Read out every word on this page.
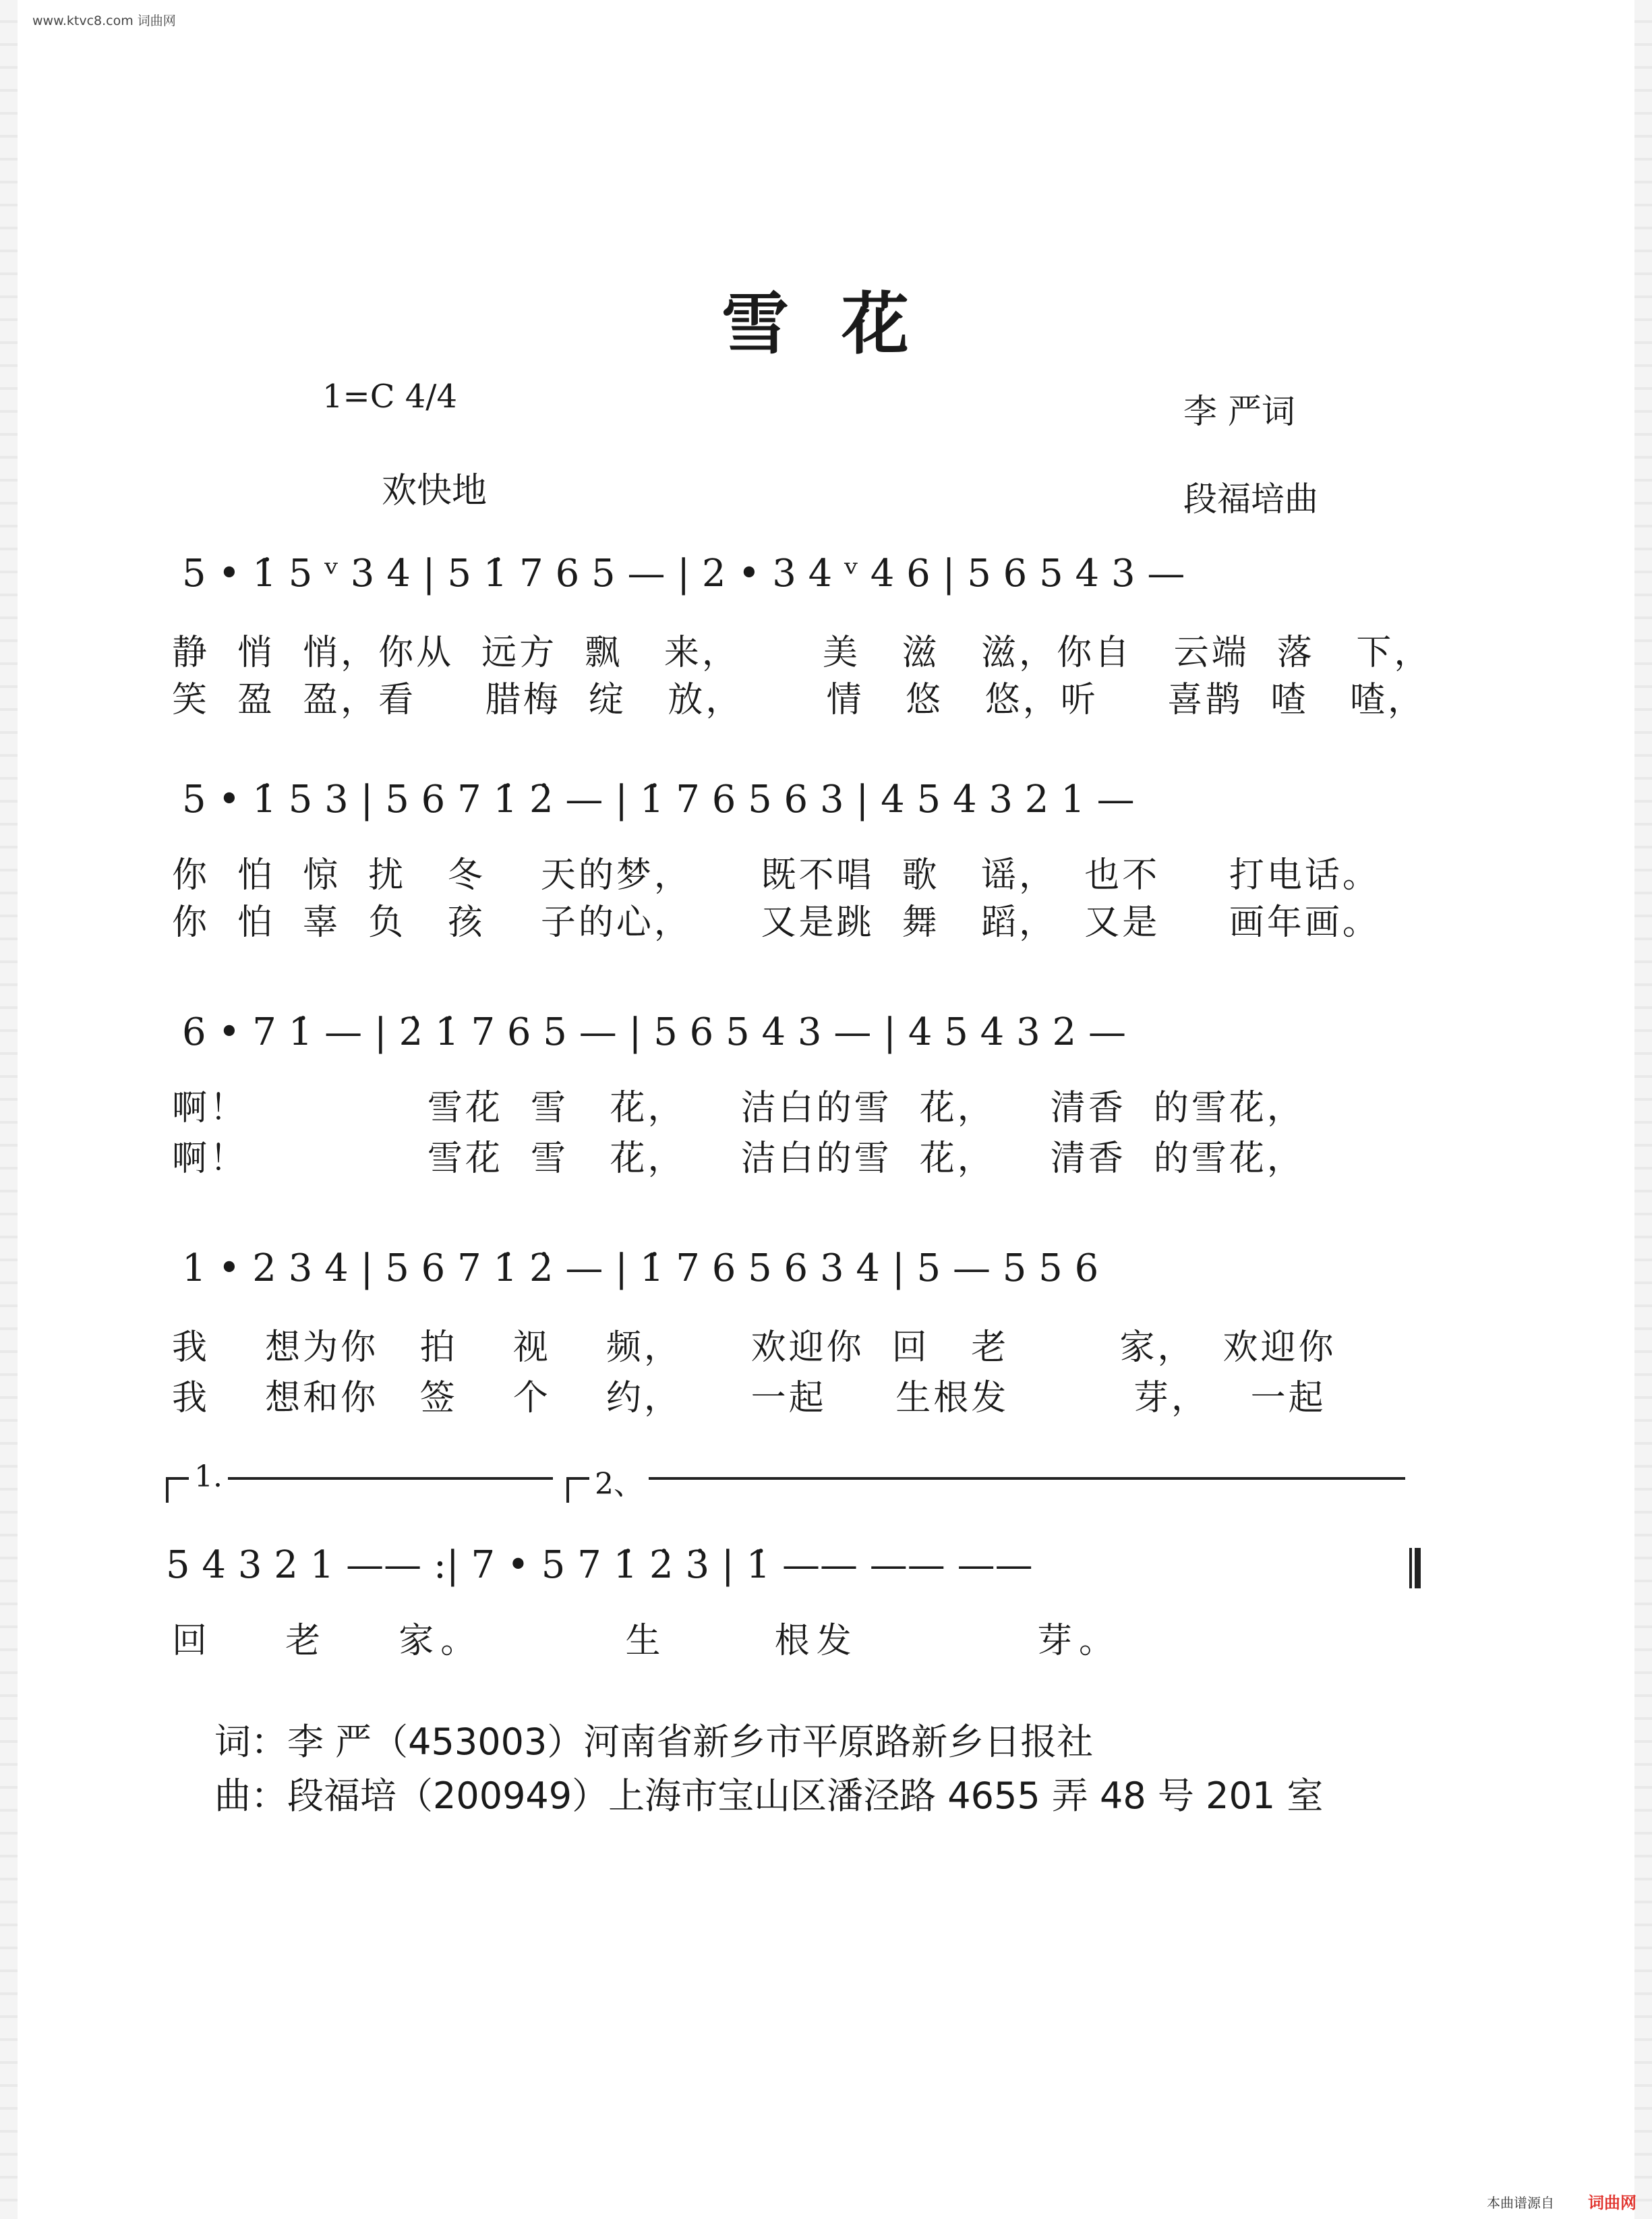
www.ktvc8.com 词曲网
雪花
1=C 4/4	李 严词
段福培曲
欢快地
5 • 1̇ 5 ᵛ 3 4 | 5 1̇ 7 6 5 — | 2 • 3 4 ᵛ 4 6 | 5 6 5 4 3 —
静  悄  悄，你从  远方  飘   来，      美   滋   滋，你自   云端  落   下，
笑  盈  盈，看     腊梅  绽   放，      情   悠   悠，听     喜鹊  喳   喳，
5 • 1̇ 5 3 | 5 6 7 1̇ 2̇ — | 1̇ 7 6 5 6 3 | 4 5 4 3 2 1 —
你  怕  惊  扰   冬    天的梦，     既不唱  歌   谣，  也不     打电话。
你  怕  辜  负   孩    子的心，     又是跳  舞   蹈，  又是     画年画。
6 • 7 1̇ — | 2̇ 1̇ 7 6 5 — | 5 6 5 4 3 — | 4 5 4 3 2 —
啊！             雪花  雪   花，    洁白的雪  花，    清香  的雪花，
啊！             雪花  雪   花，    洁白的雪  花，    清香  的雪花，
1 • 2 3 4 | 5 6 7 1̇ 2̇ — | 1̇ 7 6 5 6 3 4 | 5 — 5 5 6
我    想为你   拍    视    频，     欢迎你  回   老        家，  欢迎你
我    想和你   签    个    约，     一起     生根发         芽，   一起
1.	2、
5 4 3 2 1 —— :| 7 • 5 7 1̇ 2̇ 3̇ | 1̇ —— —— ——
回    老    家。        生      根发          芽。
词：李 严（453003）河南省新乡市平原路新乡日报社
曲：段福培（200949）上海市宝山区潘泾路 4655 弄 48 号 201 室
本曲谱源自 词曲网
